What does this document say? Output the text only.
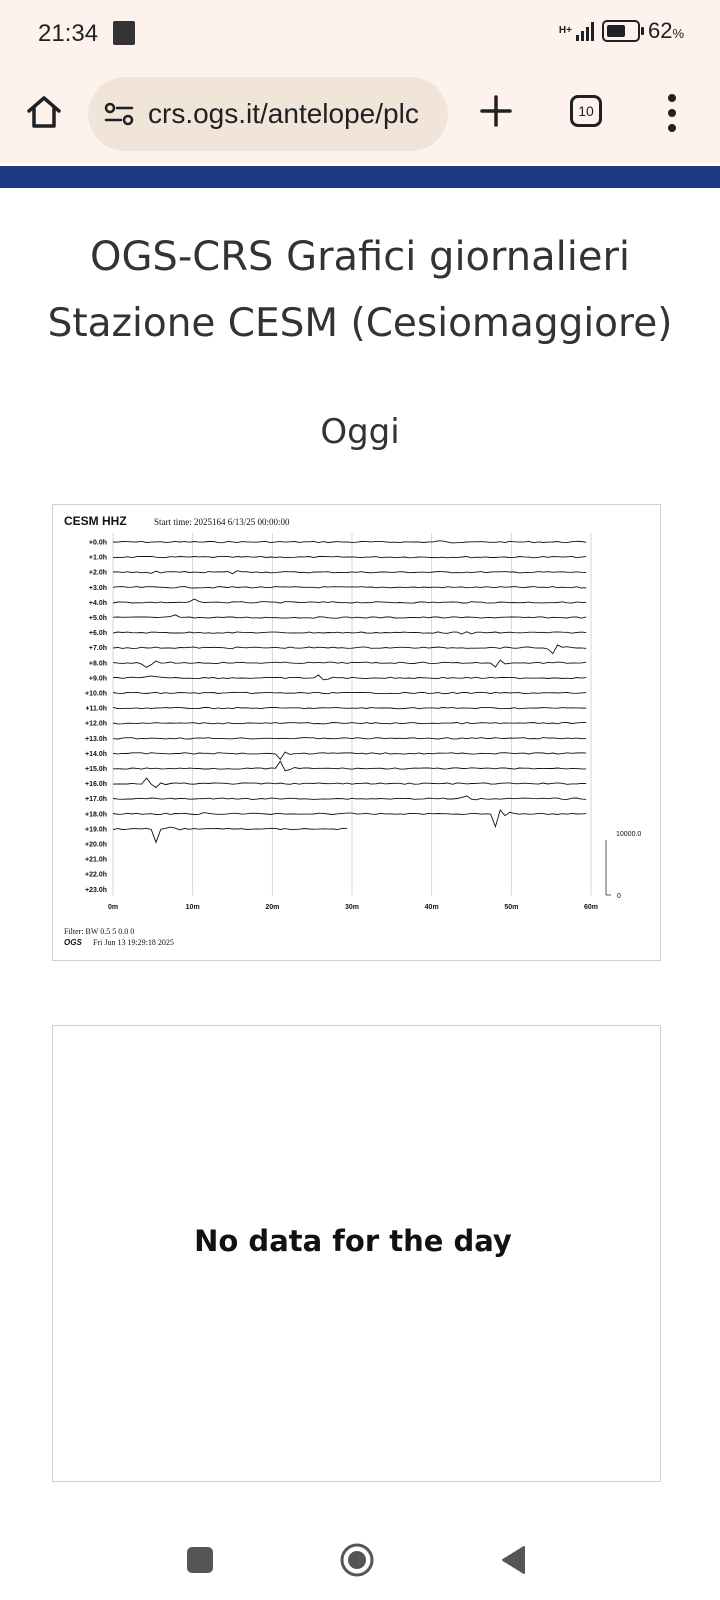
21:34	H+	62%
crs.ogs.it/antelope/plc	10
OGS-CRS Grafici giornalieri
Stazione CESM (Cesiomaggiore)
Oggi
CESM HHZ	Start time: 2025164 6/13/25 00:00:00
+0.0h
+1.0h
+2.0h
+3.0h
+4.0h
+5.0h
+6.0h
+7.0h
+8.0h
+9.0h
+10.0h
+11.0h
+12.0h
+13.0h
+14.0h
+15.0h
+16.0h
+17.0h
+18.0h
+19.0h
+20.0h
+21.0h
+22.0h
+23.0h
0m	10m	20m	30m	40m	50m	60m
10000.0
0
Filter: BW 0.5 5 0.0 0
OGS Fri Jun 13 19:29:18 2025
No data for the day
